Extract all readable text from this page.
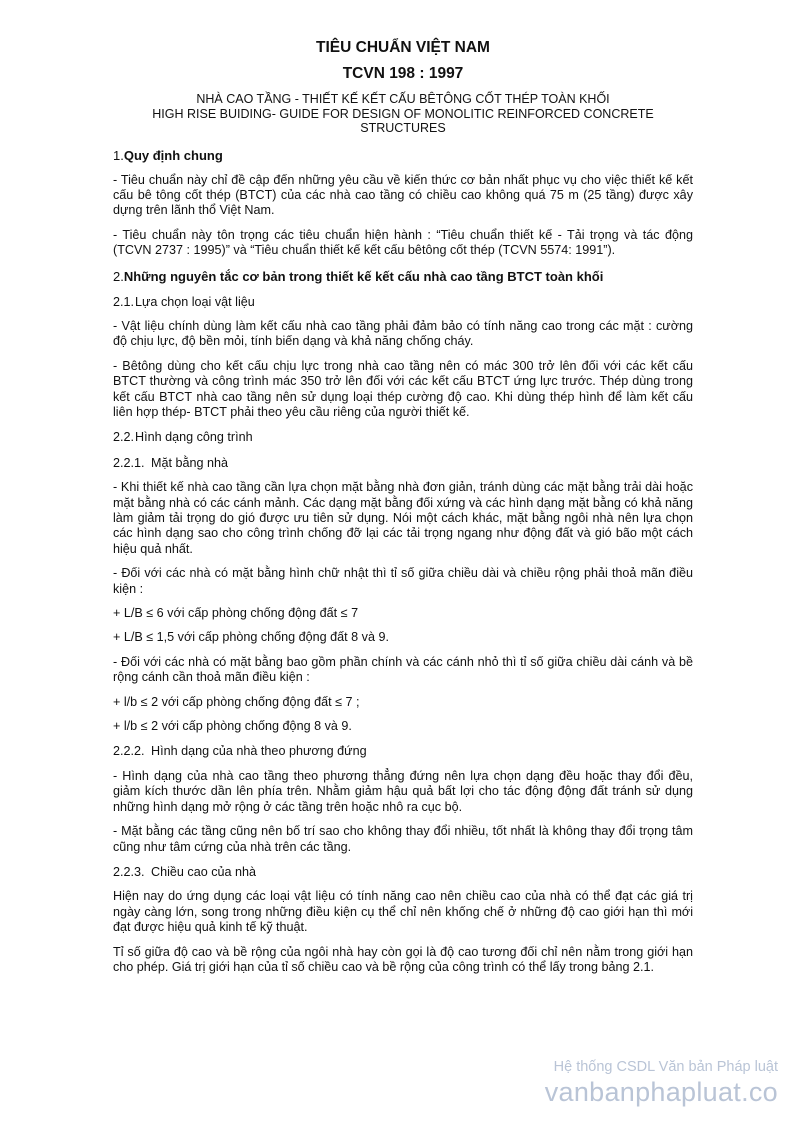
TIÊU CHUẨN VIỆT NAM

TCVN 198 : 1997

NHÀ CAO TẦNG - THIẾT KẾ KẾT CẤU BÊTÔNG CỐT THÉP TOÀN KHỐI
HIGH RISE BUIDING- GUIDE FOR DESIGN OF MONOLITIC REINFORCED CONCRETE
STRUCTURES

1.Quy định chung

- Tiêu chuẩn này chỉ đề cập đến những yêu cầu về kiến thức cơ bản nhất phục vụ cho việc thiết kế kết cấu bê tông cốt thép (BTCT) của các nhà cao tầng có chiều cao không quá 75 m (25 tầng) được xây dựng trên lãnh thổ Việt Nam.

- Tiêu chuẩn này tôn trọng các tiêu chuẩn hiện hành : “Tiêu chuẩn thiết kế - Tải trọng và tác động (TCVN 2737 : 1995)” và “Tiêu chuẩn thiết kế kết cấu bêtông cốt thép (TCVN 5574: 1991”).

2.Những nguyên tắc cơ bản trong thiết kế kết cấu nhà cao tầng BTCT toàn khối

2.1.Lựa chọn loại vật liệu

- Vật liệu chính dùng làm kết cấu nhà cao tầng phải đảm bảo có tính năng cao trong các mặt : cường độ chịu lực, độ bền mỏi, tính biến dạng và khả năng chống cháy.

- Bêtông dùng cho kết cấu chịu lực trong nhà cao tầng nên có mác 300 trở lên đối với các kết cấu BTCT thường và công trình mác 350 trở lên đối với các kết cấu BTCT ứng lực trước. Thép dùng trong kết cấu BTCT nhà cao tầng nên sử dụng loại thép cường độ cao. Khi dùng thép hình để làm kết cấu liên hợp thép- BTCT phải theo yêu cầu riêng của người thiết kế.

2.2.Hình dạng công trình

2.2.1. Mặt bằng nhà

- Khi thiết kế nhà cao tầng cần lựa chọn mặt bằng nhà đơn giản, tránh dùng các mặt bằng trải dài hoặc mặt bằng nhà có các cánh mảnh. Các dạng mặt bằng đối xứng và các hình dạng mặt bằng có khả năng làm giảm tải trọng do gió được ưu tiên sử dụng. Nói một cách khác, mặt bằng ngôi nhà nên lựa chọn các hình dạng sao cho công trình chống đỡ lại các tải trọng ngang như động đất và gió bão một cách hiệu quả nhất.

- Đối với các nhà có mặt bằng hình chữ nhật thì tỉ số giữa chiều dài và chiều rộng phải thoả mãn điều kiện :

+ L/B ≤ 6 với cấp phòng chống động đất ≤ 7

+ L/B ≤ 1,5 với cấp phòng chống động đất 8 và 9.

- Đối với các nhà có mặt bằng bao gồm phần chính và các cánh nhỏ thì tỉ số giữa chiều dài cánh và bề rộng cánh cần thoả mãn điều kiện :

+ l/b ≤ 2 với cấp phòng chống động đất ≤ 7 ;

+ l/b ≤ 2 với cấp phòng chống động 8 và 9.

2.2.2. Hình dạng của nhà theo phương đứng

- Hình dạng của nhà cao tầng theo phương thẳng đứng nên lựa chọn dạng đều hoặc thay đổi đều, giảm kích thước dần lên phía trên. Nhằm giảm hậu quả bất lợi cho tác động động đất tránh sử dụng những hình dạng mở rộng ở các tầng trên hoặc nhô ra cục bộ.

- Mặt bằng các tầng cũng nên bố trí sao cho không thay đổi nhiều, tốt nhất là không thay đổi trọng tâm cũng như tâm cứng của nhà trên các tầng.

2.2.3. Chiều cao của nhà

Hiện nay do ứng dụng các loại vật liệu có tính năng cao nên chiều cao của nhà có thể đạt các giá trị ngày càng lớn, song trong những điều kiện cụ thể chỉ nên khống chế ở những độ cao giới hạn thì mới đạt được hiệu quả kinh tế kỹ thuật.

Tỉ số giữa độ cao và bề rộng của ngôi nhà hay còn gọi là độ cao tương đối chỉ nên nằm trong giới hạn cho phép. Giá trị giới hạn của tỉ số chiều cao và bề rộng của công trình có thể lấy trong bảng 2.1.

Hệ thống CSDL Văn bản Pháp luật
vanbanphapluat.co
